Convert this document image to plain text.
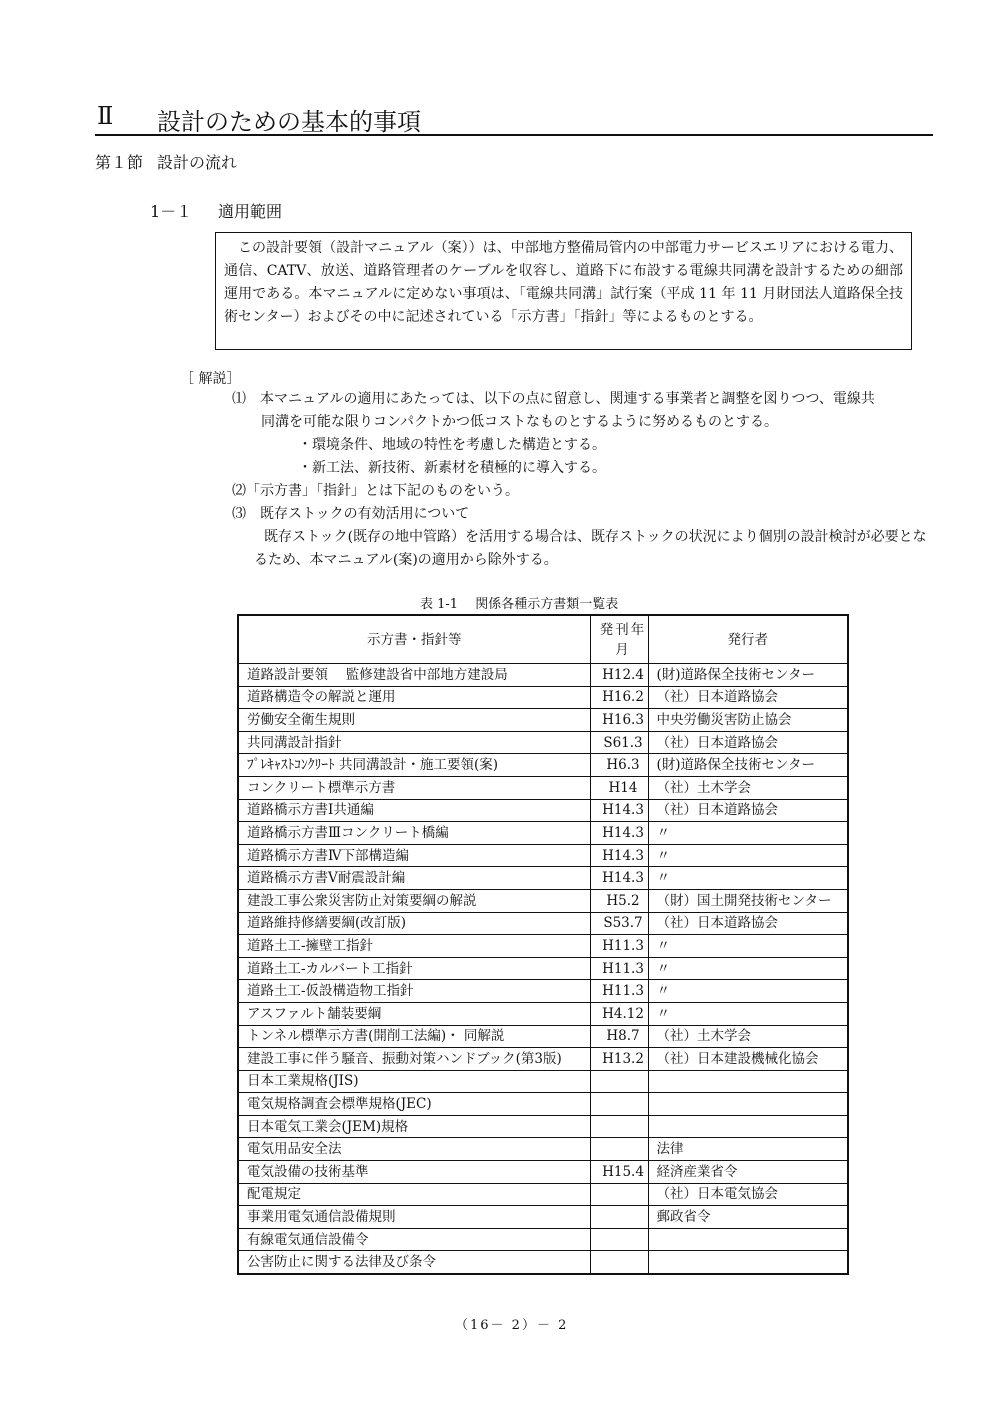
Ⅱ 設計のための基本的事項
第１節 設計の流れ
1－１ 適用範囲
この設計要領（設計マニュアル（案））は、中部地方整備局管内の中部電力サービスエリアにおける電力、通信、CATV、放送、道路管理者のケーブルを収容し、道路下に布設する電線共同溝を設計するための細部運用である。本マニュアルに定めない事項は、「電線共同溝」試行案（平成 11 年 11 月財団法人道路保全技術センター）およびその中に記述されている「示方書」「指針」等によるものとする。
［ 解説］
⑴　本マニュアルの適用にあたっては、以下の点に留意し、関連する事業者と調整を図りつつ、電線共
同溝を可能な限りコンパクトかつ低コストなものとするように努めるものとする。
・環境条件、地域の特性を考慮した構造とする。
・新工法、新技術、新素材を積極的に導入する。
⑵「示方書」「指針」とは下記のものをいう。
⑶　既存ストックの有効活用について
既存ストック(既存の地中管路）を活用する場合は、既存ストックの状況により個別の設計検討が必要となるため、本マニュアル(案)の適用から除外する。
表 1-1　 関係各種示方書類一覧表
示方書・指針等	発刊年月	発行者
道路設計要領　 監修建設省中部地方建設局	H12.4	(財)道路保全技術センター
道路構造令の解説と運用	H16.2	（社）日本道路協会
労働安全衛生規則	H16.3	中央労働災害防止協会
共同溝設計指針	S61.3	（社）日本道路協会
ﾌﾟﾚｷｬｽﾄｺﾝｸﾘｰﾄ 共同溝設計・施工要領(案)	H6.3	(財)道路保全技術センター
コンクリート標準示方書	H14	（社）土木学会
道路橋示方書Ⅰ共通編	H14.3	（社）日本道路協会
道路橋示方書Ⅲコンクリート橋編	H14.3	〃
道路橋示方書Ⅳ下部構造編	H14.3	〃
道路橋示方書Ⅴ耐震設計編	H14.3	〃
建設工事公衆災害防止対策要綱の解説	H5.2	（財）国土開発技術センター
道路維持修繕要綱(改訂版)	S53.7	（社）日本道路協会
道路土工-擁壁工指針	H11.3	〃
道路土工-カルバート工指針	H11.3	〃
道路土工-仮設構造物工指針	H11.3	〃
アスファルト舗装要綱	H4.12	〃
トンネル標準示方書(開削工法編)・ 同解説	H8.7	（社）土木学会
建設工事に伴う騒音、振動対策ハンドブック(第3版)	H13.2	（社）日本建設機械化協会
日本工業規格(JIS)		
電気規格調査会標準規格(JEC)		
日本電気工業会(JEM)規格		
電気用品安全法		法律
電気設備の技術基準	H15.4	経済産業省令
配電規定		（社）日本電気協会
事業用電気通信設備規則		郵政省令
有線電気通信設備令		
公害防止に関する法律及び条令		
（16－ 2）－ 2
